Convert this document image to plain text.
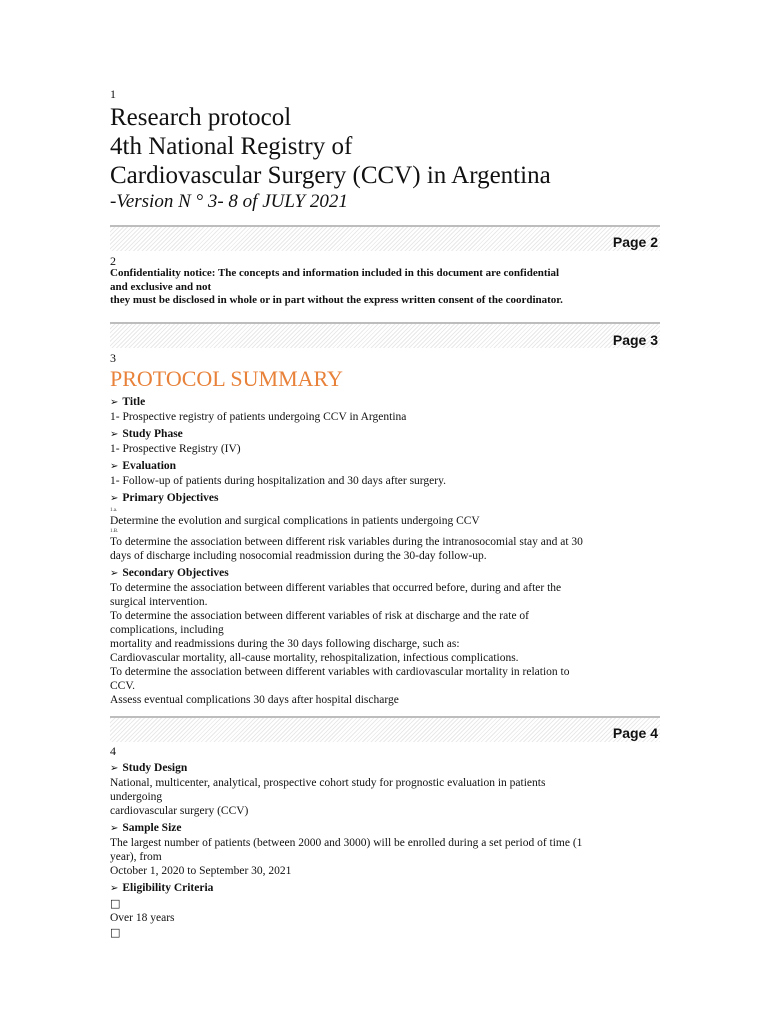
1
Research protocol
4th National Registry of
Cardiovascular Surgery (CCV) in Argentina
-Version N ° 3- 8 of JULY 2021
Page 2
2
Confidentiality notice: The concepts and information included in this document are confidential
and exclusive and not
they must be disclosed in whole or in part without the express written consent of the coordinator.
Page 3
3
PROTOCOL SUMMARY
➢ Title
1- Prospective registry of patients undergoing CCV in Argentina
➢ Study Phase
1- Prospective Registry (IV)
➢ Evaluation
1- Follow-up of patients during hospitalization and 30 days after surgery.
➢ Primary Objectives
1.a.
Determine the evolution and surgical complications in patients undergoing CCV
1.B.
To determine the association between different risk variables during the intranosocomial stay and at 30
days of discharge including nosocomial readmission during the 30-day follow-up.
➢ Secondary Objectives
To determine the association between different variables that occurred before, during and after the
surgical intervention.
To determine the association between different variables of risk at discharge and the rate of
complications, including
mortality and readmissions during the 30 days following discharge, such as:
Cardiovascular mortality, all-cause mortality, rehospitalization, infectious complications.
To determine the association between different variables with cardiovascular mortality in relation to
CCV.
Assess eventual complications 30 days after hospital discharge
Page 4
4
➢ Study Design
National, multicenter, analytical, prospective cohort study for prognostic evaluation in patients
undergoing
cardiovascular surgery (CCV)
➢ Sample Size
The largest number of patients (between 2000 and 3000) will be enrolled during a set period of time (1
year), from
October 1, 2020 to September 30, 2021
➢ Eligibility Criteria
□
Over 18 years
□
